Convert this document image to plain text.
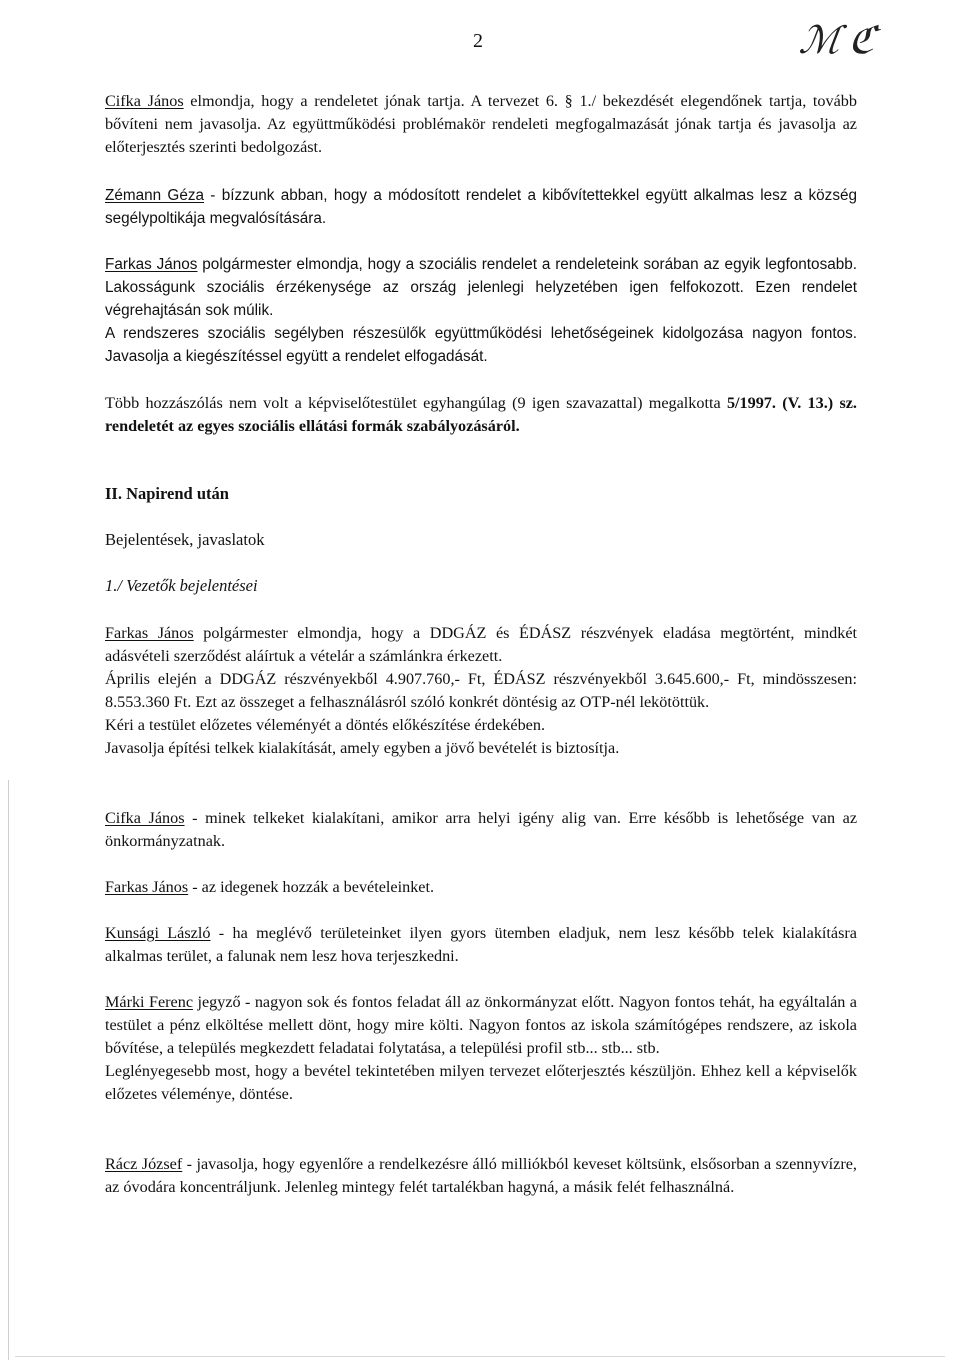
2	ℳ ℭ

Cifka János elmondja, hogy a rendeletet jónak tartja. A tervezet 6. § 1./ bekezdését elegendőnek tartja, tovább bővíteni nem javasolja. Az együttműködési problémakör rendeleti megfogalmazását jónak tartja és javasolja az előterjesztés szerinti bedolgozást.

Zémann Géza - bízzunk abban, hogy a módosított rendelet a kibővítettekkel együtt alkalmas lesz a község segélypoltikája megvalósítására.

Farkas János polgármester elmondja, hogy a szociális rendelet a rendeleteink sorában az egyik legfontosabb. Lakosságunk szociális érzékenysége az ország jelenlegi helyzetében igen felfokozott. Ezen rendelet végrehajtásán sok múlik.
A rendszeres szociális segélyben részesülők együttműködési lehetőségeinek kidolgozása nagyon fontos. Javasolja a kiegészítéssel együtt a rendelet elfogadását.

Több hozzászólás nem volt a képviselőtestület egyhangúlag (9 igen szavazattal) megalkotta 5/1997. (V. 13.) sz. rendeletét az egyes szociális ellátási formák szabályozásáról.

II. Napirend után
Bejelentések, javaslatok
1./ Vezetők bejelentései
Farkas János polgármester elmondja, hogy a DDGÁZ és ÉDÁSZ részvények eladása megtörtént, mindkét adásvételi szerződést aláírtuk a vételár a számlánkra érkezett.
Április elején a DDGÁZ részvényekből 4.907.760,- Ft, ÉDÁSZ részvényekből 3.645.600,- Ft, mindösszesen: 8.553.360 Ft. Ezt az összeget a felhasználásról szóló konkrét döntésig az OTP-nél lekötöttük.
Kéri a testület előzetes véleményét a döntés előkészítése érdekében.
Javasolja építési telkek kialakítását, amely egyben a jövő bevételét is biztosítja.

Cifka János - minek telkeket kialakítani, amikor arra helyi igény alig van. Erre később is lehetősége van az önkormányzatnak.

Farkas János - az idegenek hozzák a bevételeinket.

Kunsági László - ha meglévő területeinket ilyen gyors ütemben eladjuk, nem lesz később telek kialakításra alkalmas terület, a falunak nem lesz hova terjeszkedni.

Márki Ferenc jegyző - nagyon sok és fontos feladat áll az önkormányzat előtt. Nagyon fontos tehát, ha egyáltalán a testület a pénz elköltése mellett dönt, hogy mire költi. Nagyon fontos az iskola számítógépes rendszere, az iskola bővítése, a település megkezdett feladatai folytatása, a települési profil stb... stb... stb.
Leglényegesebb most, hogy a bevétel tekintetében milyen tervezet előterjesztés készüljön. Ehhez kell a képviselők előzetes véleménye, döntése.

Rácz József - javasolja, hogy egyenlőre a rendelkezésre álló milliókból keveset költsünk, elsősorban a szennyvízre, az óvodára koncentráljunk. Jelenleg mintegy felét tartalékban hagyná, a másik felét felhasználná.
